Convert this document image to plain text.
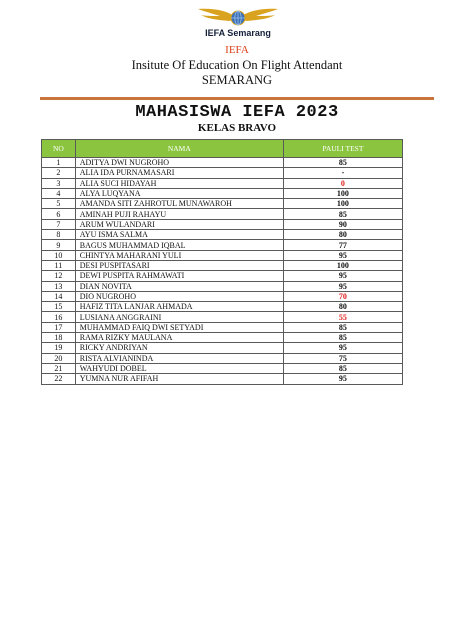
IEFA Semarang
IEFA
Insitute Of Education On Flight Attendant
SEMARANG
MAHASISWA IEFA 2023
KELAS BRAVO
NO	NAMA	PAULI TEST
1	ADITYA DWI NUGROHO	85
2	ALIA IDA PURNAMASARI	-
3	ALIA SUCI HIDAYAH	0
4	ALYA LUQYANA	100
5	AMANDA SITI ZAHROTUL MUNAWAROH	100
6	AMINAH PUJI RAHAYU	85
7	ARUM WULANDARI	90
8	AYU ISMA SALMA	80
9	BAGUS MUHAMMAD IQBAL	77
10	CHINTYA MAHARANI YULI	95
11	DESI PUSPITASARI	100
12	DEWI PUSPITA RAHMAWATI	95
13	DIAN NOVITA	95
14	DIO NUGROHO	70
15	HAFIZ TITA LANJAR AHMADA	80
16	LUSIANA ANGGRAINI	55
17	MUHAMMAD FAIQ DWI SETYADI	85
18	RAMA RIZKY MAULANA	85
19	RICKY ANDRIYAN	95
20	RISTA ALVIANINDA	75
21	WAHYUDI DOBEL	85
22	YUMNA NUR AFIFAH	95
